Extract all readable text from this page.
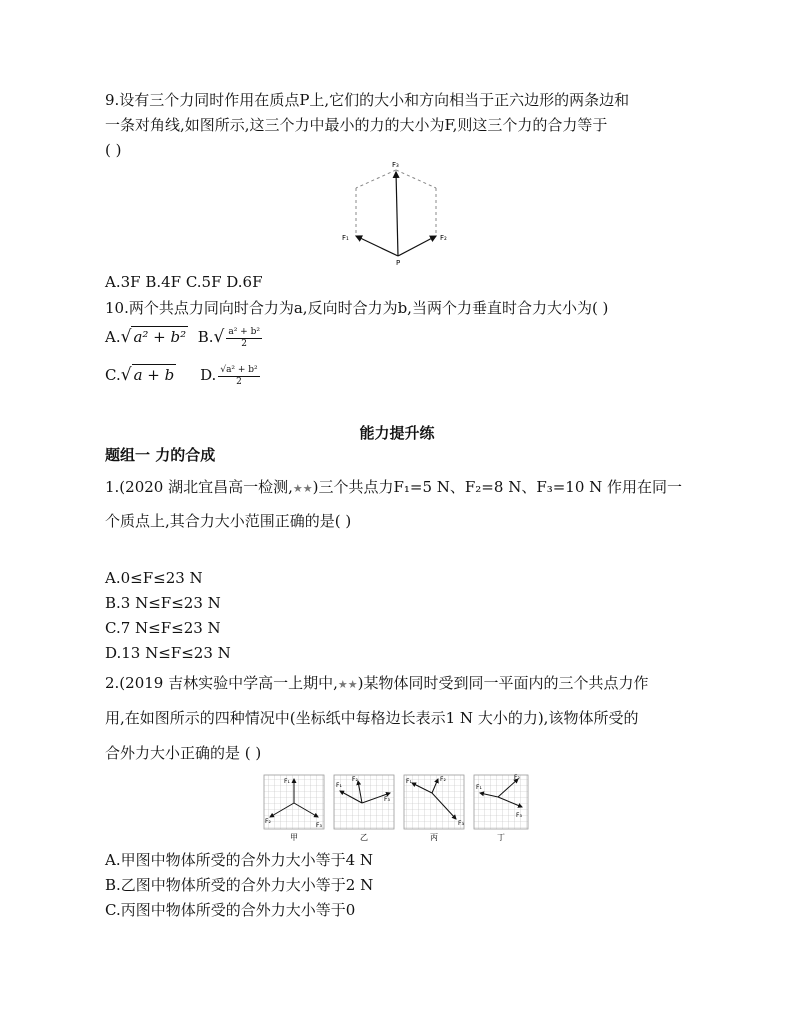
9.设有三个力同时作用在质点P上,它们的大小和方向相当于正六边形的两条边和
一条对角线,如图所示,这三个力中最小的力的大小为F,则这三个力的合力等于
( )
F₃
F₁	F₂
P
A.3F B.4F C.5F D.6F
10.两个共点力同向时合力为a,反向时合力为b,当两个力垂直时合力大小为( )
A.√ a² + b² $B.√ \frac{\text{a² + b²}}{2}$
C.√ a + b D. $\frac{\text{√a² + b²}}{2}$
能力提升练
题组一 力的合成
1.(2020 湖北宜昌高一检测,★★)三个共点力F₁=5 N、F₂=8 N、F₃=10 N 作用在同一
个质点上,其合力大小范围正确的是( )
A.0≤F≤23 N
B.3 N≤F≤23 N
C.7 N≤F≤23 N
D.13 N≤F≤23 N
2.(2019 吉林实验中学高一上期中,★★)某物体同时受到同一平面内的三个共点力作
用,在如图所示的四种情况中(坐标纸中每格边长表示1 N 大小的力),该物体所受的
合外力大小正确的是 ( )
F₁
F₂
F₃
F₁
F₂
F₃
F₁	F₂
F₃
F₁
F₂
F₃
甲	乙	丙	丁
A.甲图中物体所受的合外力大小等于4 N
B.乙图中物体所受的合外力大小等于2 N
C.丙图中物体所受的合外力大小等于0
